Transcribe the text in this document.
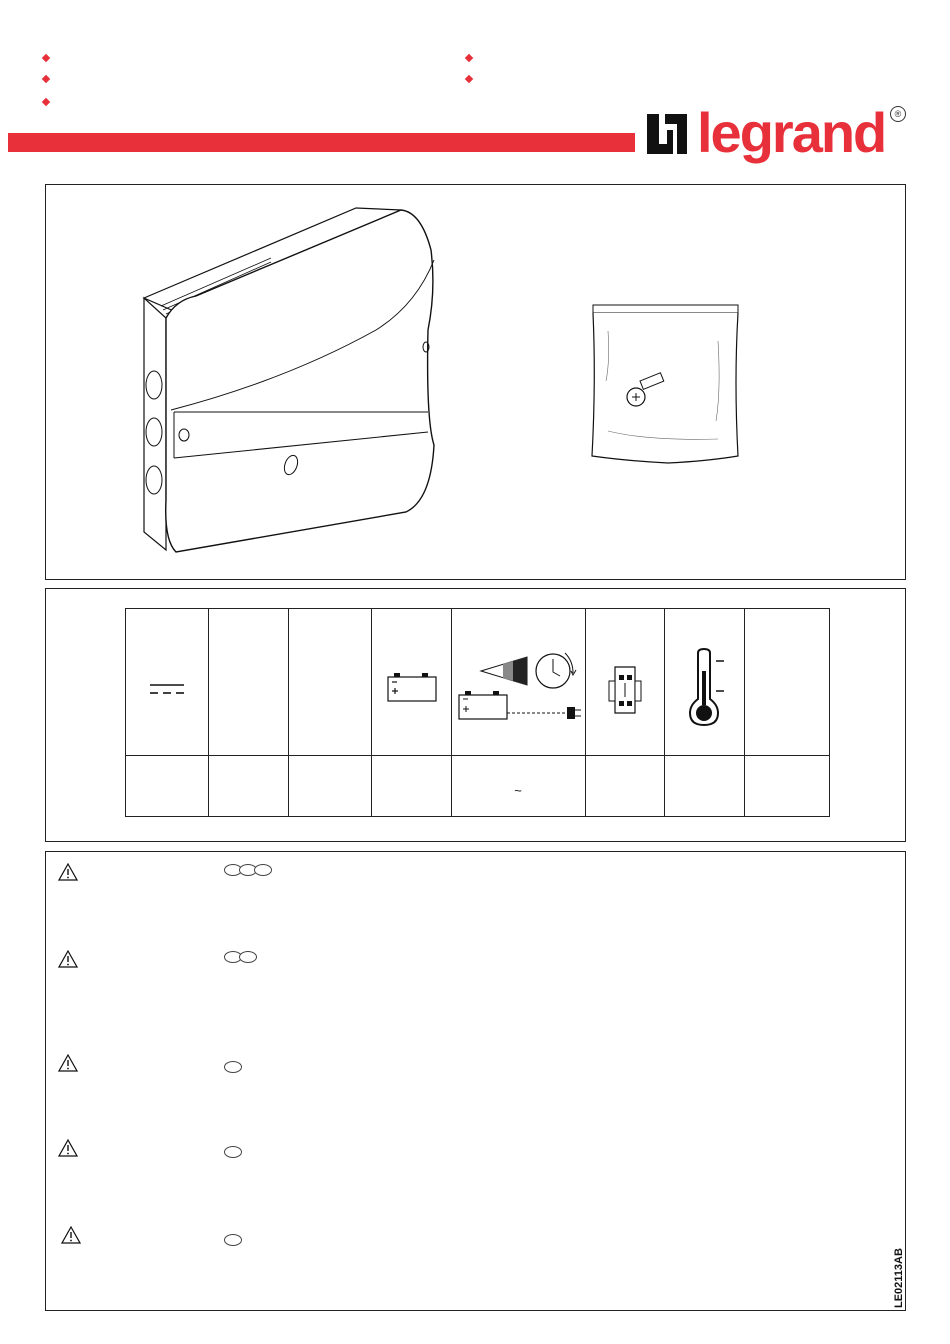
legrand	®
~
LE02113AB
